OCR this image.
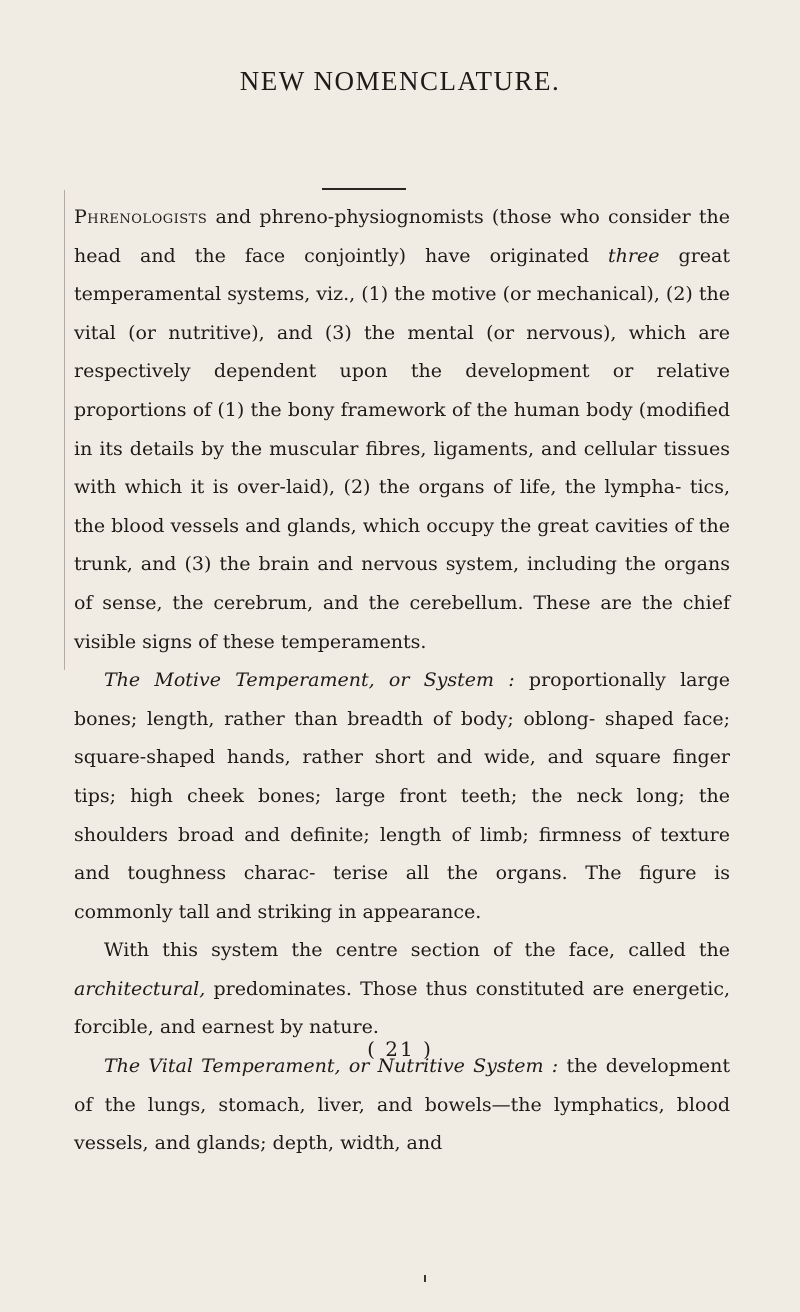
NEW NOMENCLATURE.

Phrenologists and phreno-physiognomists (those who consider the head and the face conjointly) have originated three great temperamental systems, viz., (1) the motive (or mechanical), (2) the vital (or nutritive), and (3) the mental (or nervous), which are respectively dependent upon the development or relative proportions of (1) the bony framework of the human body (modified in its details by the muscular fibres, ligaments, and cellular tissues with which it is over-laid), (2) the organs of life, the lympha- tics, the blood vessels and glands, which occupy the great cavities of the trunk, and (3) the brain and nervous system, including the organs of sense, the cerebrum, and the cerebellum. These are the chief visible signs of these temperaments.

The Motive Temperament, or System : proportionally large bones; length, rather than breadth of body; oblong- shaped face; square-shaped hands, rather short and wide, and square finger tips; high cheek bones; large front teeth; the neck long; the shoulders broad and definite; length of limb; firmness of texture and toughness charac- terise all the organs. The figure is commonly tall and striking in appearance.

With this system the centre section of the face, called the architectural, predominates. Those thus constituted are energetic, forcible, and earnest by nature.

The Vital Temperament, or Nutritive System : the development of the lungs, stomach, liver, and bowels—the lymphatics, blood vessels, and glands; depth, width, and

( 21 )
